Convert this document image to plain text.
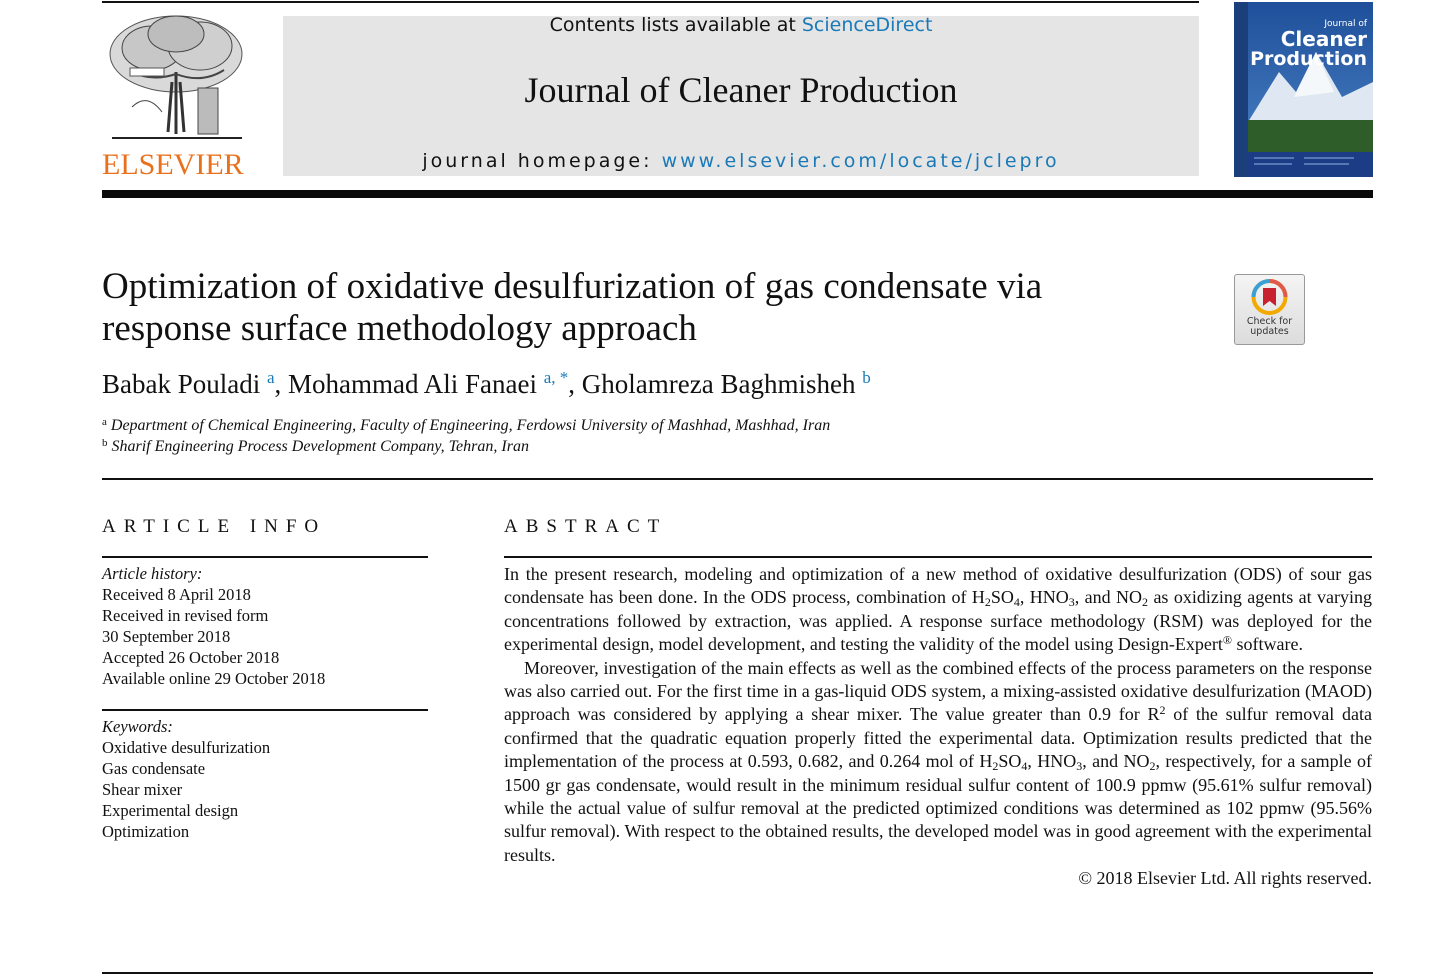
ELSEVIER
Contents lists available at ScienceDirect
Journal of Cleaner Production
journal homepage: www.elsevier.com/locate/jclepro
Journal of
Cleaner
Production
Optimization of oxidative desulfurization of gas condensate via
response surface methodology approach	Check for
updates
Babak Pouladi $^a$, Mohammad Ali Fanaei $^{a, *}$, Gholamreza Baghmisheh $^b$
$^a$ Department of Chemical Engineering, Faculty of Engineering, Ferdowsi University of Mashhad, Mashhad, Iran
$^b$ Sharif Engineering Process Development Company, Tehran, Iran
ARTICLE INFO
Article history:
Received 8 April 2018
Received in revised form
30 September 2018
Accepted 26 October 2018
Available online 29 October 2018
Keywords:
Oxidative desulfurization
Gas condensate
Shear mixer
Experimental design
Optimization
ABSTRACT

In the present research, modeling and optimization of a new method of oxidative desulfurization (ODS) of sour gas condensate has been done. In the ODS process, combination of $H_2SO_4$, $HNO_3$, and $NO_2$ as oxidizing agents at varying concentrations followed by extraction, was applied. A response surface methodology (RSM) was deployed for the experimental design, model development, and testing the validity of the model using Design-Expert® software.

Moreover, investigation of the main effects as well as the combined effects of the process parameters on the response was also carried out. For the first time in a gas-liquid ODS system, a mixing-assisted oxidative desulfurization (MAOD) approach was considered by applying a shear mixer. The value greater than 0.9 for $R^2$ of the sulfur removal data confirmed that the quadratic equation properly fitted the experimental data. Optimization results predicted that the implementation of the process at 0.593, 0.682, and 0.264 mol of $H_2SO_4$, $HNO_3$, and $NO_2$, respectively, for a sample of 1500 gr gas condensate, would result in the minimum residual sulfur content of 100.9 ppmw (95.61% sulfur removal) while the actual value of sulfur removal at the predicted optimized conditions was determined as 102 ppmw (95.56% sulfur removal). With respect to the obtained results, the developed model was in good agreement with the experimental results.

© 2018 Elsevier Ltd. All rights reserved.
